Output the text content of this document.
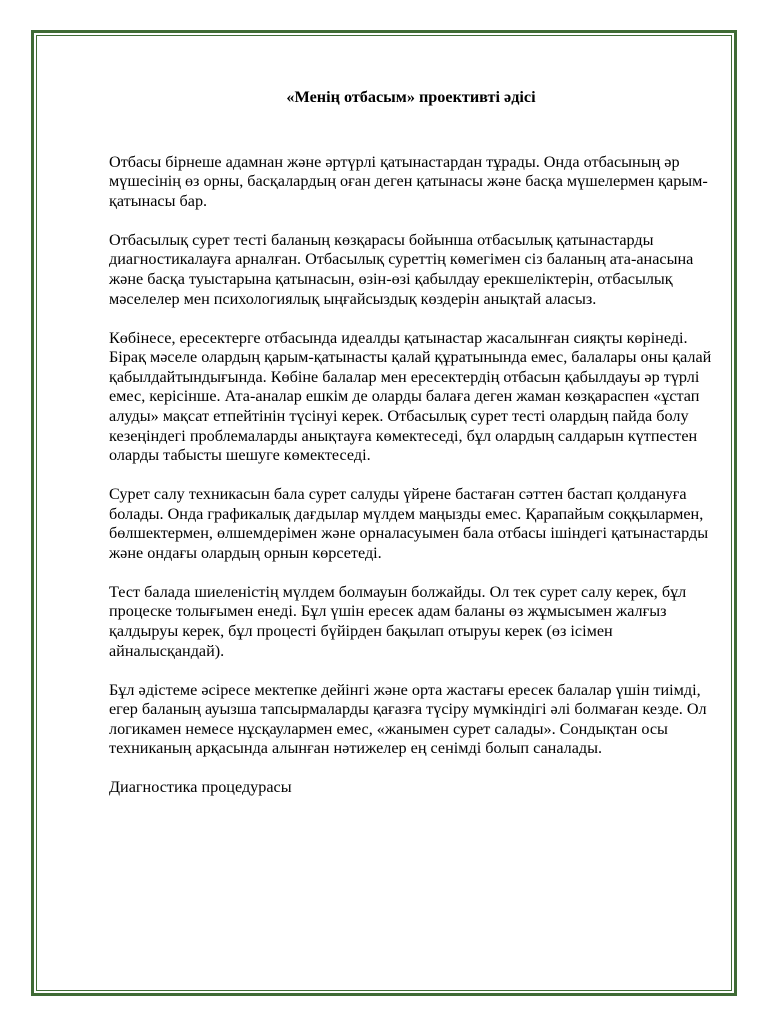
«Менің отбасым» проективті әдісі

Отбасы бірнеше адамнан және әртүрлі қатынастардан тұрады. Онда отбасының әр мүшесінің өз орны, басқалардың оған деген қатынасы және басқа мүшелермен қарым-қатынасы бар.

Отбасылық сурет тесті баланың көзқарасы бойынша отбасылық қатынастарды диагностикалауға арналған. Отбасылық суреттің көмегімен сіз баланың ата-анасына және басқа туыстарына қатынасын, өзін-өзі қабылдау ерекшеліктерін, отбасылық мәселелер мен психологиялық ыңғайсыздық көздерін анықтай аласыз.

Көбінесе, ересектерге отбасында идеалды қатынастар жасалынған сияқты көрінеді. Бірақ мәселе олардың қарым-қатынасты қалай құратынында емес, балалары оны қалай қабылдайтындығында. Көбіне балалар мен ересектердің отбасын қабылдауы әр түрлі емес, керісінше. Ата-аналар ешкім де оларды балаға деген жаман көзқараспен «ұстап алуды» мақсат етпейтінін түсінуі керек. Отбасылық сурет тесті олардың пайда болу кезеңіндегі проблемаларды анықтауға көмектеседі, бұл олардың салдарын күтпестен оларды табысты шешуге көмектеседі.

Сурет салу техникасын бала сурет салуды үйрене бастаған сәттен бастап қолдануға болады. Онда графикалық дағдылар мүлдем маңызды емес. Қарапайым соққылармен, бөлшектермен, өлшемдерімен және орналасуымен бала отбасы ішіндегі қатынастарды және ондағы олардың орнын көрсетеді.

Тест балада шиеленістің мүлдем болмауын болжайды. Ол тек сурет салу керек, бұл процеске толығымен енеді. Бұл үшін ересек адам баланы өз жұмысымен жалғыз қалдыруы керек, бұл процесті бүйірден бақылап отыруы керек (өз ісімен айналысқандай).

Бұл әдістеме әсіресе мектепке дейінгі және орта жастағы ересек балалар үшін тиімді, егер баланың ауызша тапсырмаларды қағазға түсіру мүмкіндігі әлі болмаған кезде. Ол логикамен немесе нұсқаулармен емес, «жанымен сурет салады». Сондықтан осы техниканың арқасында алынған нәтижелер ең сенімді болып саналады.

Диагностика процедурасы
